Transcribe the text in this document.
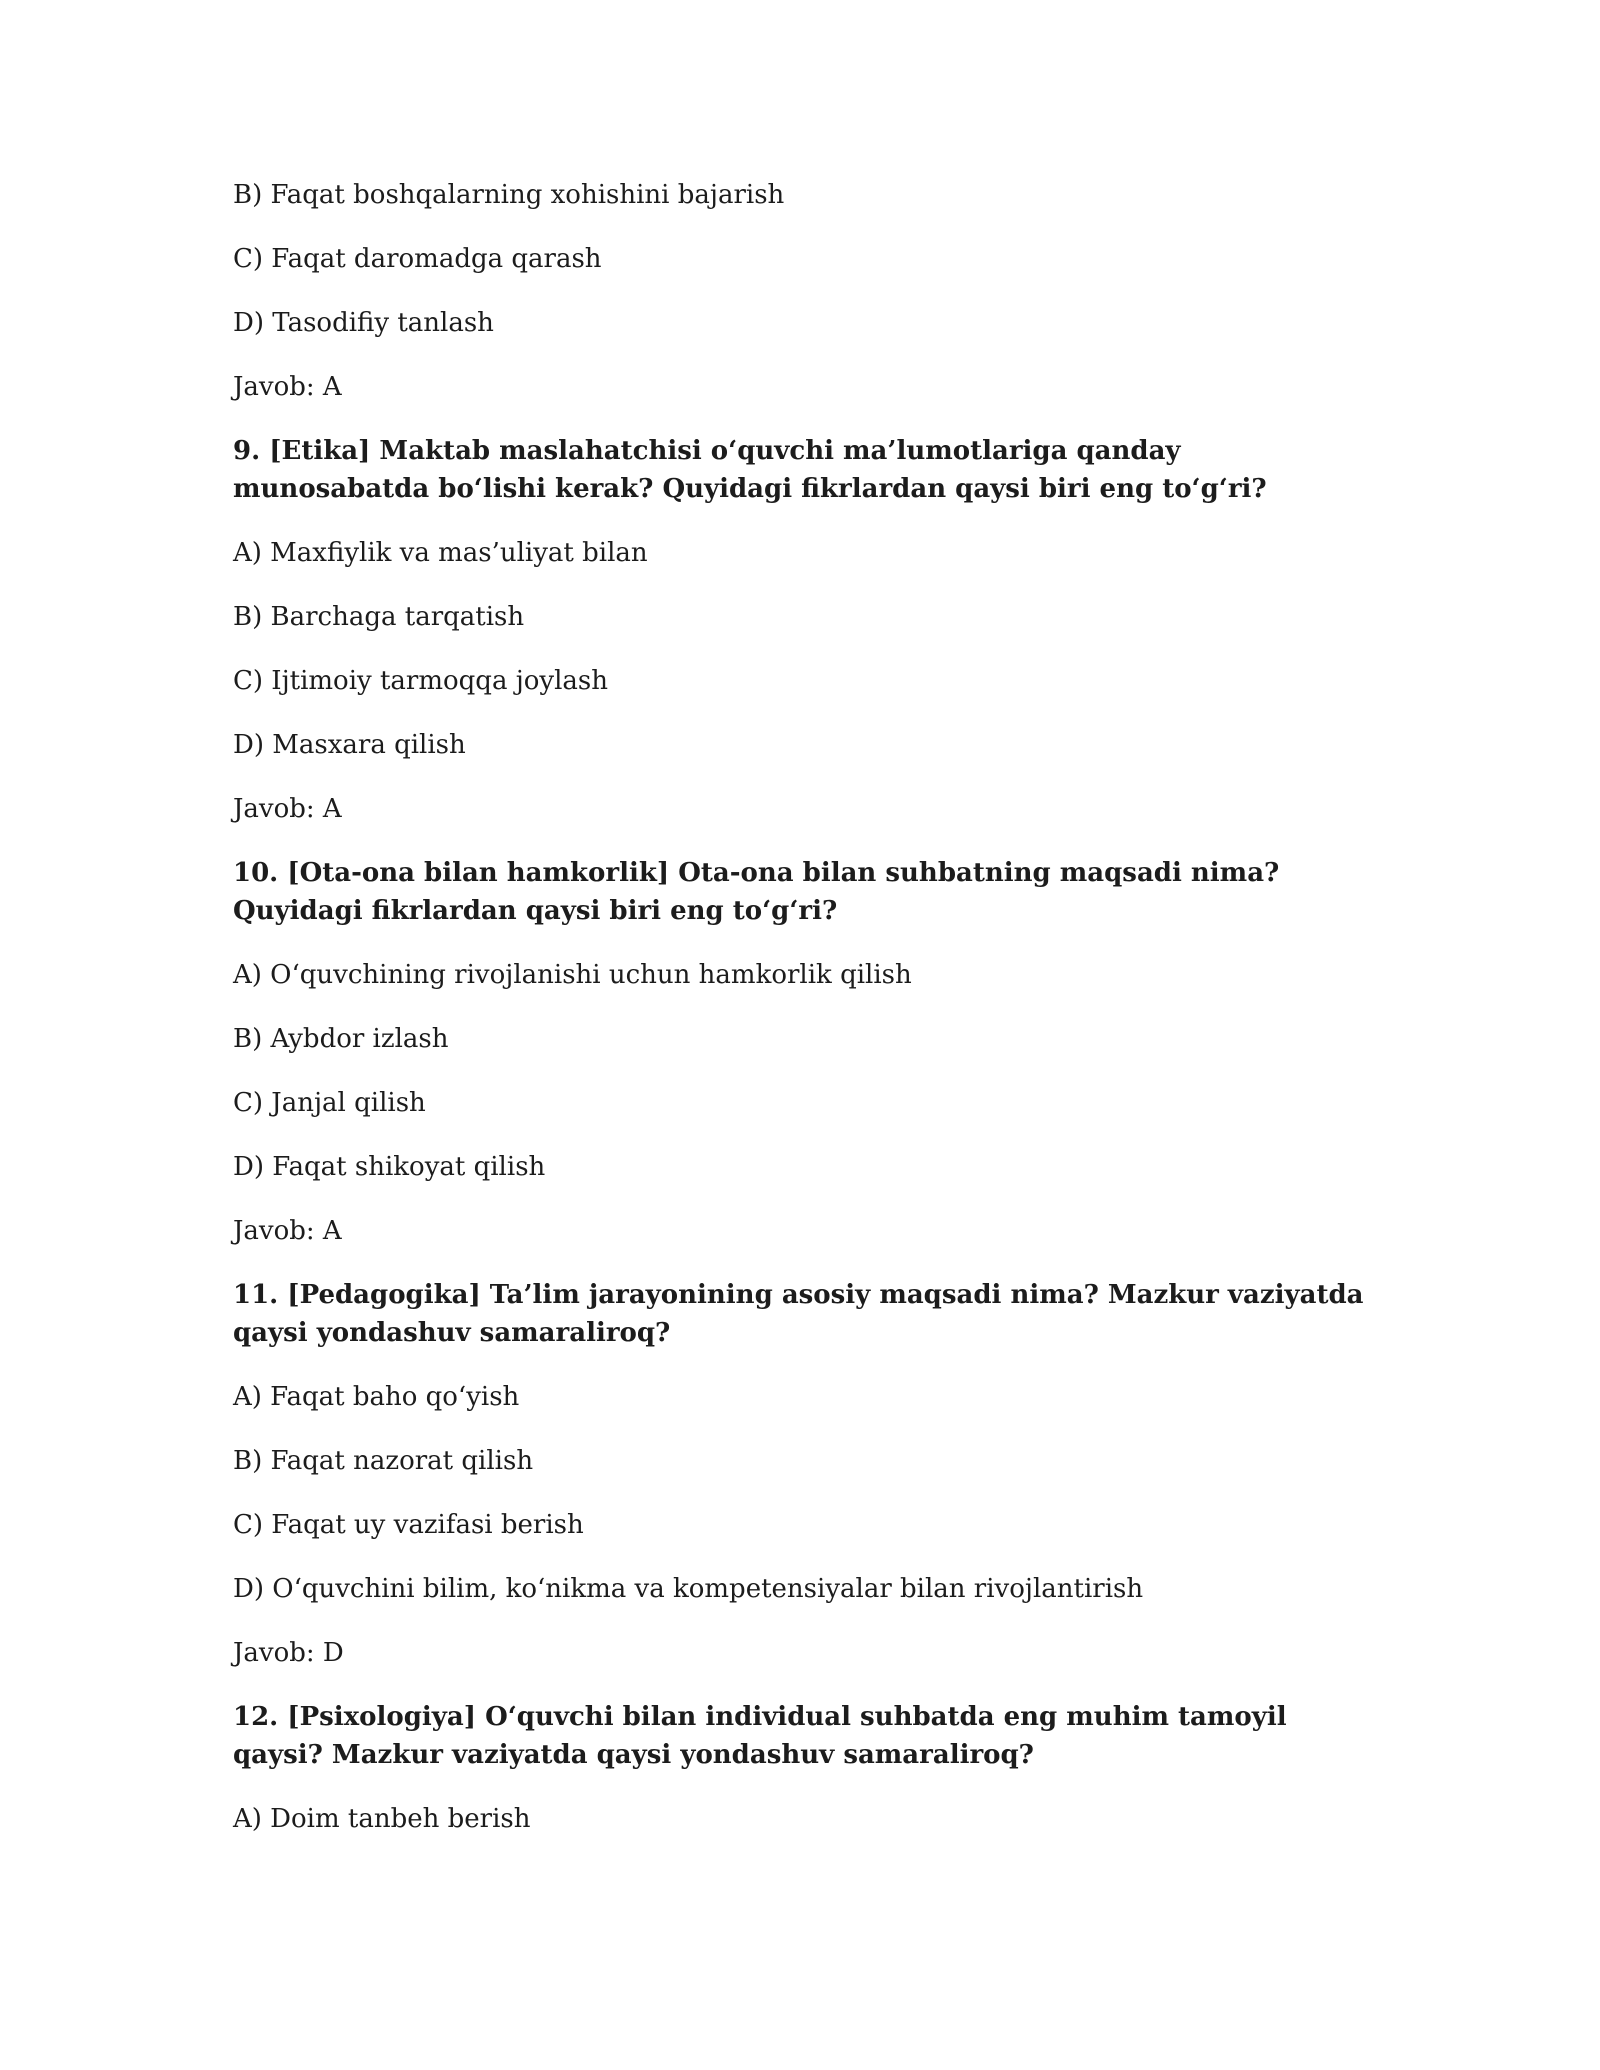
B) Faqat boshqalarning xohishini bajarish
C) Faqat daromadga qarash
D) Tasodifiy tanlash
Javob: A
9. [Etika] Maktab maslahatchisi o‘quvchi ma’lumotlariga qanday munosabatda bo‘lishi kerak? Quyidagi fikrlardan qaysi biri eng to‘g‘ri?
A) Maxfiylik va mas’uliyat bilan
B) Barchaga tarqatish
C) Ijtimoiy tarmoqqa joylash
D) Masxara qilish
Javob: A
10. [Ota-ona bilan hamkorlik] Ota-ona bilan suhbatning maqsadi nima? Quyidagi fikrlardan qaysi biri eng to‘g‘ri?
A) O‘quvchining rivojlanishi uchun hamkorlik qilish
B) Aybdor izlash
C) Janjal qilish
D) Faqat shikoyat qilish
Javob: A
11. [Pedagogika] Ta’lim jarayonining asosiy maqsadi nima? Mazkur vaziyatda qaysi yondashuv samaraliroq?
A) Faqat baho qo‘yish
B) Faqat nazorat qilish
C) Faqat uy vazifasi berish
D) O‘quvchini bilim, ko‘nikma va kompetensiyalar bilan rivojlantirish
Javob: D
12. [Psixologiya] O‘quvchi bilan individual suhbatda eng muhim tamoyil qaysi? Mazkur vaziyatda qaysi yondashuv samaraliroq?
A) Doim tanbeh berish
